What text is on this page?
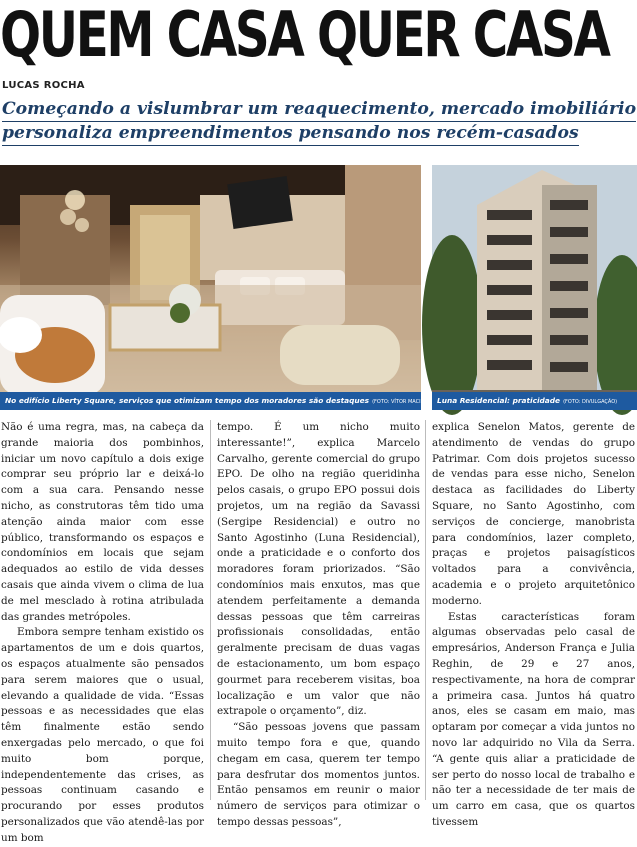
QUEM CASA QUER CASA
LUCAS ROCHA
Começando a vislumbrar um reaquecimento, mercado imobiliário
personaliza empreendimentos pensando nos recém-casados
No edifício Liberty Square, serviços que otimizam tempo dos moradores são destaques (FOTO: VÍTOR MACIEL)	Luna Residencial: praticidade (FOTO: DIVULGAÇÃO)

Não é uma regra, mas, na cabeça da grande maioria dos pombinhos, iniciar um novo capítulo a dois exige comprar seu próprio lar e deixá-lo com a sua cara. Pensando nesse nicho, as construtoras têm tido uma atenção ainda maior com esse público, transformando os espaços e condomínios em locais que sejam adequados ao estilo de vida desses casais que ainda vivem o clima de lua de mel mesclado à rotina atribulada das grandes metrópoles.

Embora sempre tenham existido os apartamentos de um e dois quartos, os espaços atualmente são pensados para serem maiores que o usual, elevando a qualidade de vida. “Essas pessoas e as necessidades que elas têm finalmente estão sendo enxergadas pelo mercado, o que foi muito bom porque, independentemente das crises, as pessoas continuam casando e procurando por esses produtos personalizados que vão atendê-las por um bom

tempo. É um nicho muito interessante!”, explica Marcelo Carvalho, gerente comercial do grupo EPO. De olho na região queridinha pelos casais, o grupo EPO possui dois projetos, um na região da Savassi (Sergipe Residencial) e outro no Santo Agostinho (Luna Residencial), onde a praticidade e o conforto dos moradores foram priorizados. “São condomínios mais enxutos, mas que atendem perfeitamente a demanda dessas pessoas que têm carreiras profissionais consolidadas, então geralmente precisam de duas vagas de estacionamento, um bom espaço gourmet para receberem visitas, boa localização e um valor que não extrapole o orçamento”, diz.

“São pessoas jovens que passam muito tempo fora e que, quando chegam em casa, querem ter tempo para desfrutar dos momentos juntos. Então pensamos em reunir o maior número de serviços para otimizar o tempo dessas pessoas”,

explica Senelon Matos, gerente de atendimento de vendas do grupo Patrimar. Com dois projetos sucesso de vendas para esse nicho, Senelon destaca as facilidades do Liberty Square, no Santo Agostinho, com serviços de concierge, manobrista para condomínios, lazer completo, praças e projetos paisagísticos voltados para a convivência, academia e o projeto arquitetônico moderno.

Estas características foram algumas observadas pelo casal de empresários, Anderson França e Julia Reghin, de 29 e 27 anos, respectivamente, na hora de comprar a primeira casa. Juntos há quatro anos, eles se casam em maio, mas optaram por começar a vida juntos no novo lar adquirido no Vila da Serra. “A gente quis aliar a praticidade de ser perto do nosso local de trabalho e não ter a necessidade de ter mais de um carro em casa, que os quartos tivessem
